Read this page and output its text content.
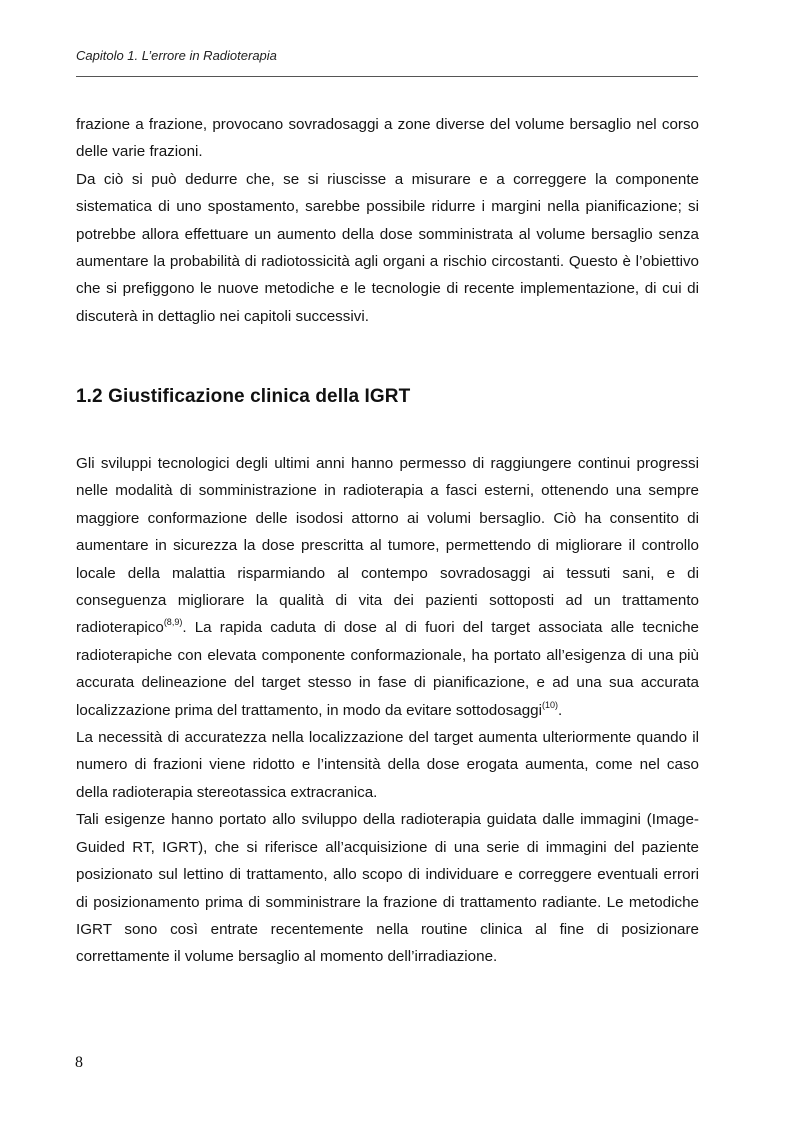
Capitolo 1. L’errore in Radioterapia

frazione a frazione, provocano sovradosaggi a zone diverse del volume bersaglio nel corso delle varie frazioni.

Da ciò si può dedurre che, se si riuscisse a misurare e a correggere la componente sistematica di uno spostamento, sarebbe possibile ridurre i margini nella pianificazione; si potrebbe allora effettuare un aumento della dose somministrata al volume bersaglio senza aumentare la probabilità di radiotossicità agli organi a rischio circostanti. Questo è l’obiettivo che si prefiggono le nuove metodiche e le tecnologie di recente implementazione, di cui di discuterà in dettaglio nei capitoli successivi.

1.2 Giustificazione clinica della IGRT

Gli sviluppi tecnologici degli ultimi anni hanno permesso di raggiungere continui progressi nelle modalità di somministrazione in radioterapia a fasci esterni, ottenendo una sempre maggiore conformazione delle isodosi attorno ai volumi bersaglio. Ciò ha consentito di aumentare in sicurezza la dose prescritta al tumore, permettendo di migliorare il controllo locale della malattia risparmiando al contempo sovradosaggi ai tessuti sani, e di conseguenza migliorare la qualità di vita dei pazienti sottoposti ad un trattamento radioterapico$^{(8,9)}$. La rapida caduta di dose al di fuori del target associata alle tecniche radioterapiche con elevata componente conformazionale, ha portato all’esigenza di una più accurata delineazione del target stesso in fase di pianificazione, e ad una sua accurata localizzazione prima del trattamento, in modo da evitare sottodosaggi$^{(10)}$.

La necessità di accuratezza nella localizzazione del target aumenta ulteriormente quando il numero di frazioni viene ridotto e l’intensità della dose erogata aumenta, come nel caso della radioterapia stereotassica extracranica.

Tali esigenze hanno portato allo sviluppo della radioterapia guidata dalle immagini (Image-Guided RT, IGRT), che si riferisce all’acquisizione di una serie di immagini del paziente posizionato sul lettino di trattamento, allo scopo di individuare e correggere eventuali errori di posizionamento prima di somministrare la frazione di trattamento radiante. Le metodiche IGRT sono così entrate recentemente nella routine clinica al fine di posizionare correttamente il volume bersaglio al momento dell’irradiazione.

8
